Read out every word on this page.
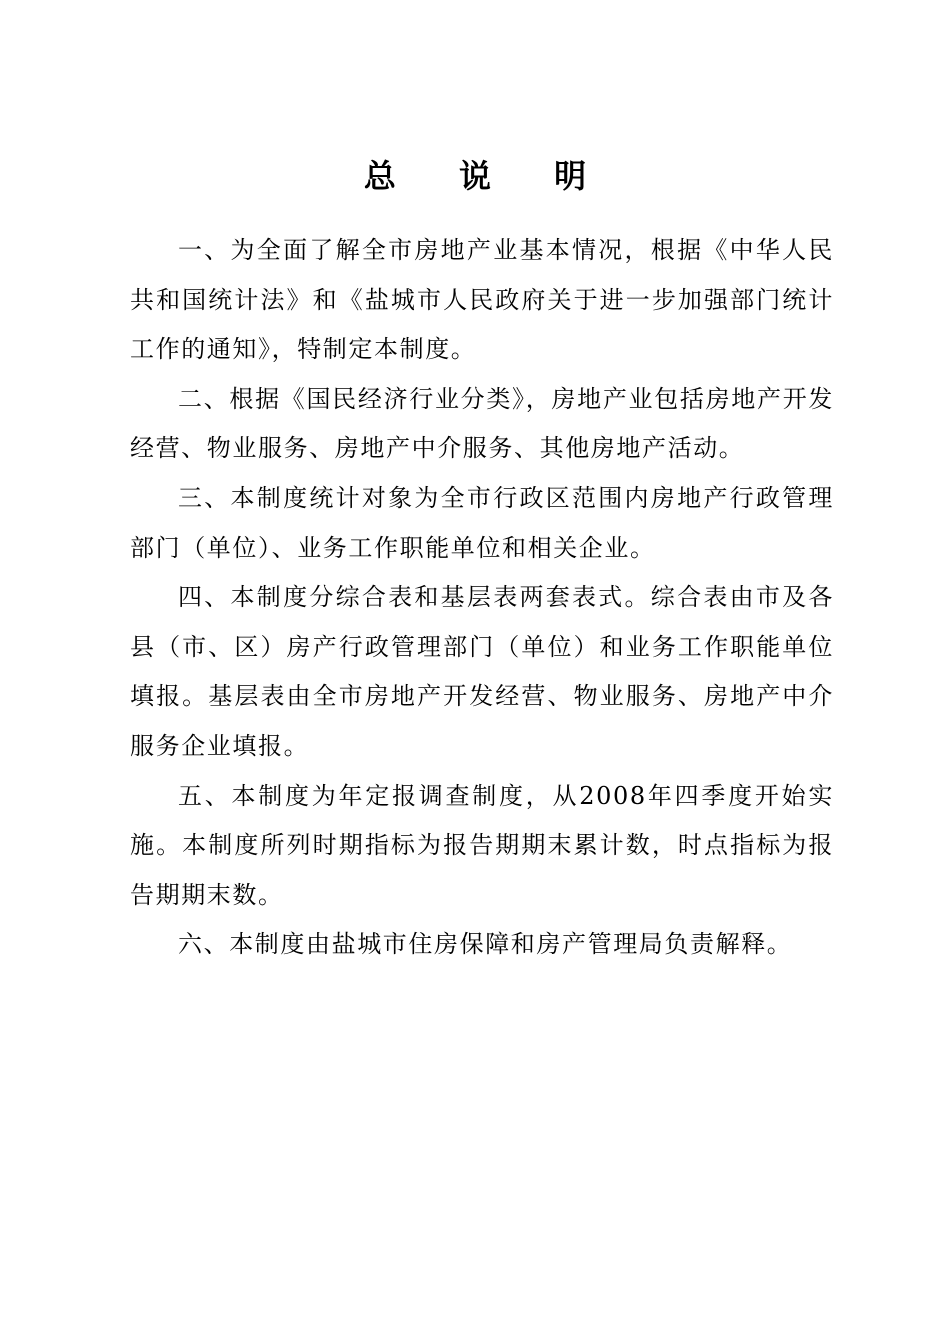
总 说 明

一、为全面了解全市房地产业基本情况，根据《中华人民共和国统计法》和《盐城市人民政府关于进一步加强部门统计工作的通知》，特制定本制度。

二、根据《国民经济行业分类》，房地产业包括房地产开发经营、物业服务、房地产中介服务、其他房地产活动。

三、本制度统计对象为全市行政区范围内房地产行政管理部门（单位）、业务工作职能单位和相关企业。

四、本制度分综合表和基层表两套表式。综合表由市及各县（市、区）房产行政管理部门（单位）和业务工作职能单位填报。基层表由全市房地产开发经营、物业服务、房地产中介服务企业填报。

五、本制度为年定报调查制度，从2008年四季度开始实施。本制度所列时期指标为报告期期末累计数，时点指标为报告期期末数。

六、本制度由盐城市住房保障和房产管理局负责解释。
